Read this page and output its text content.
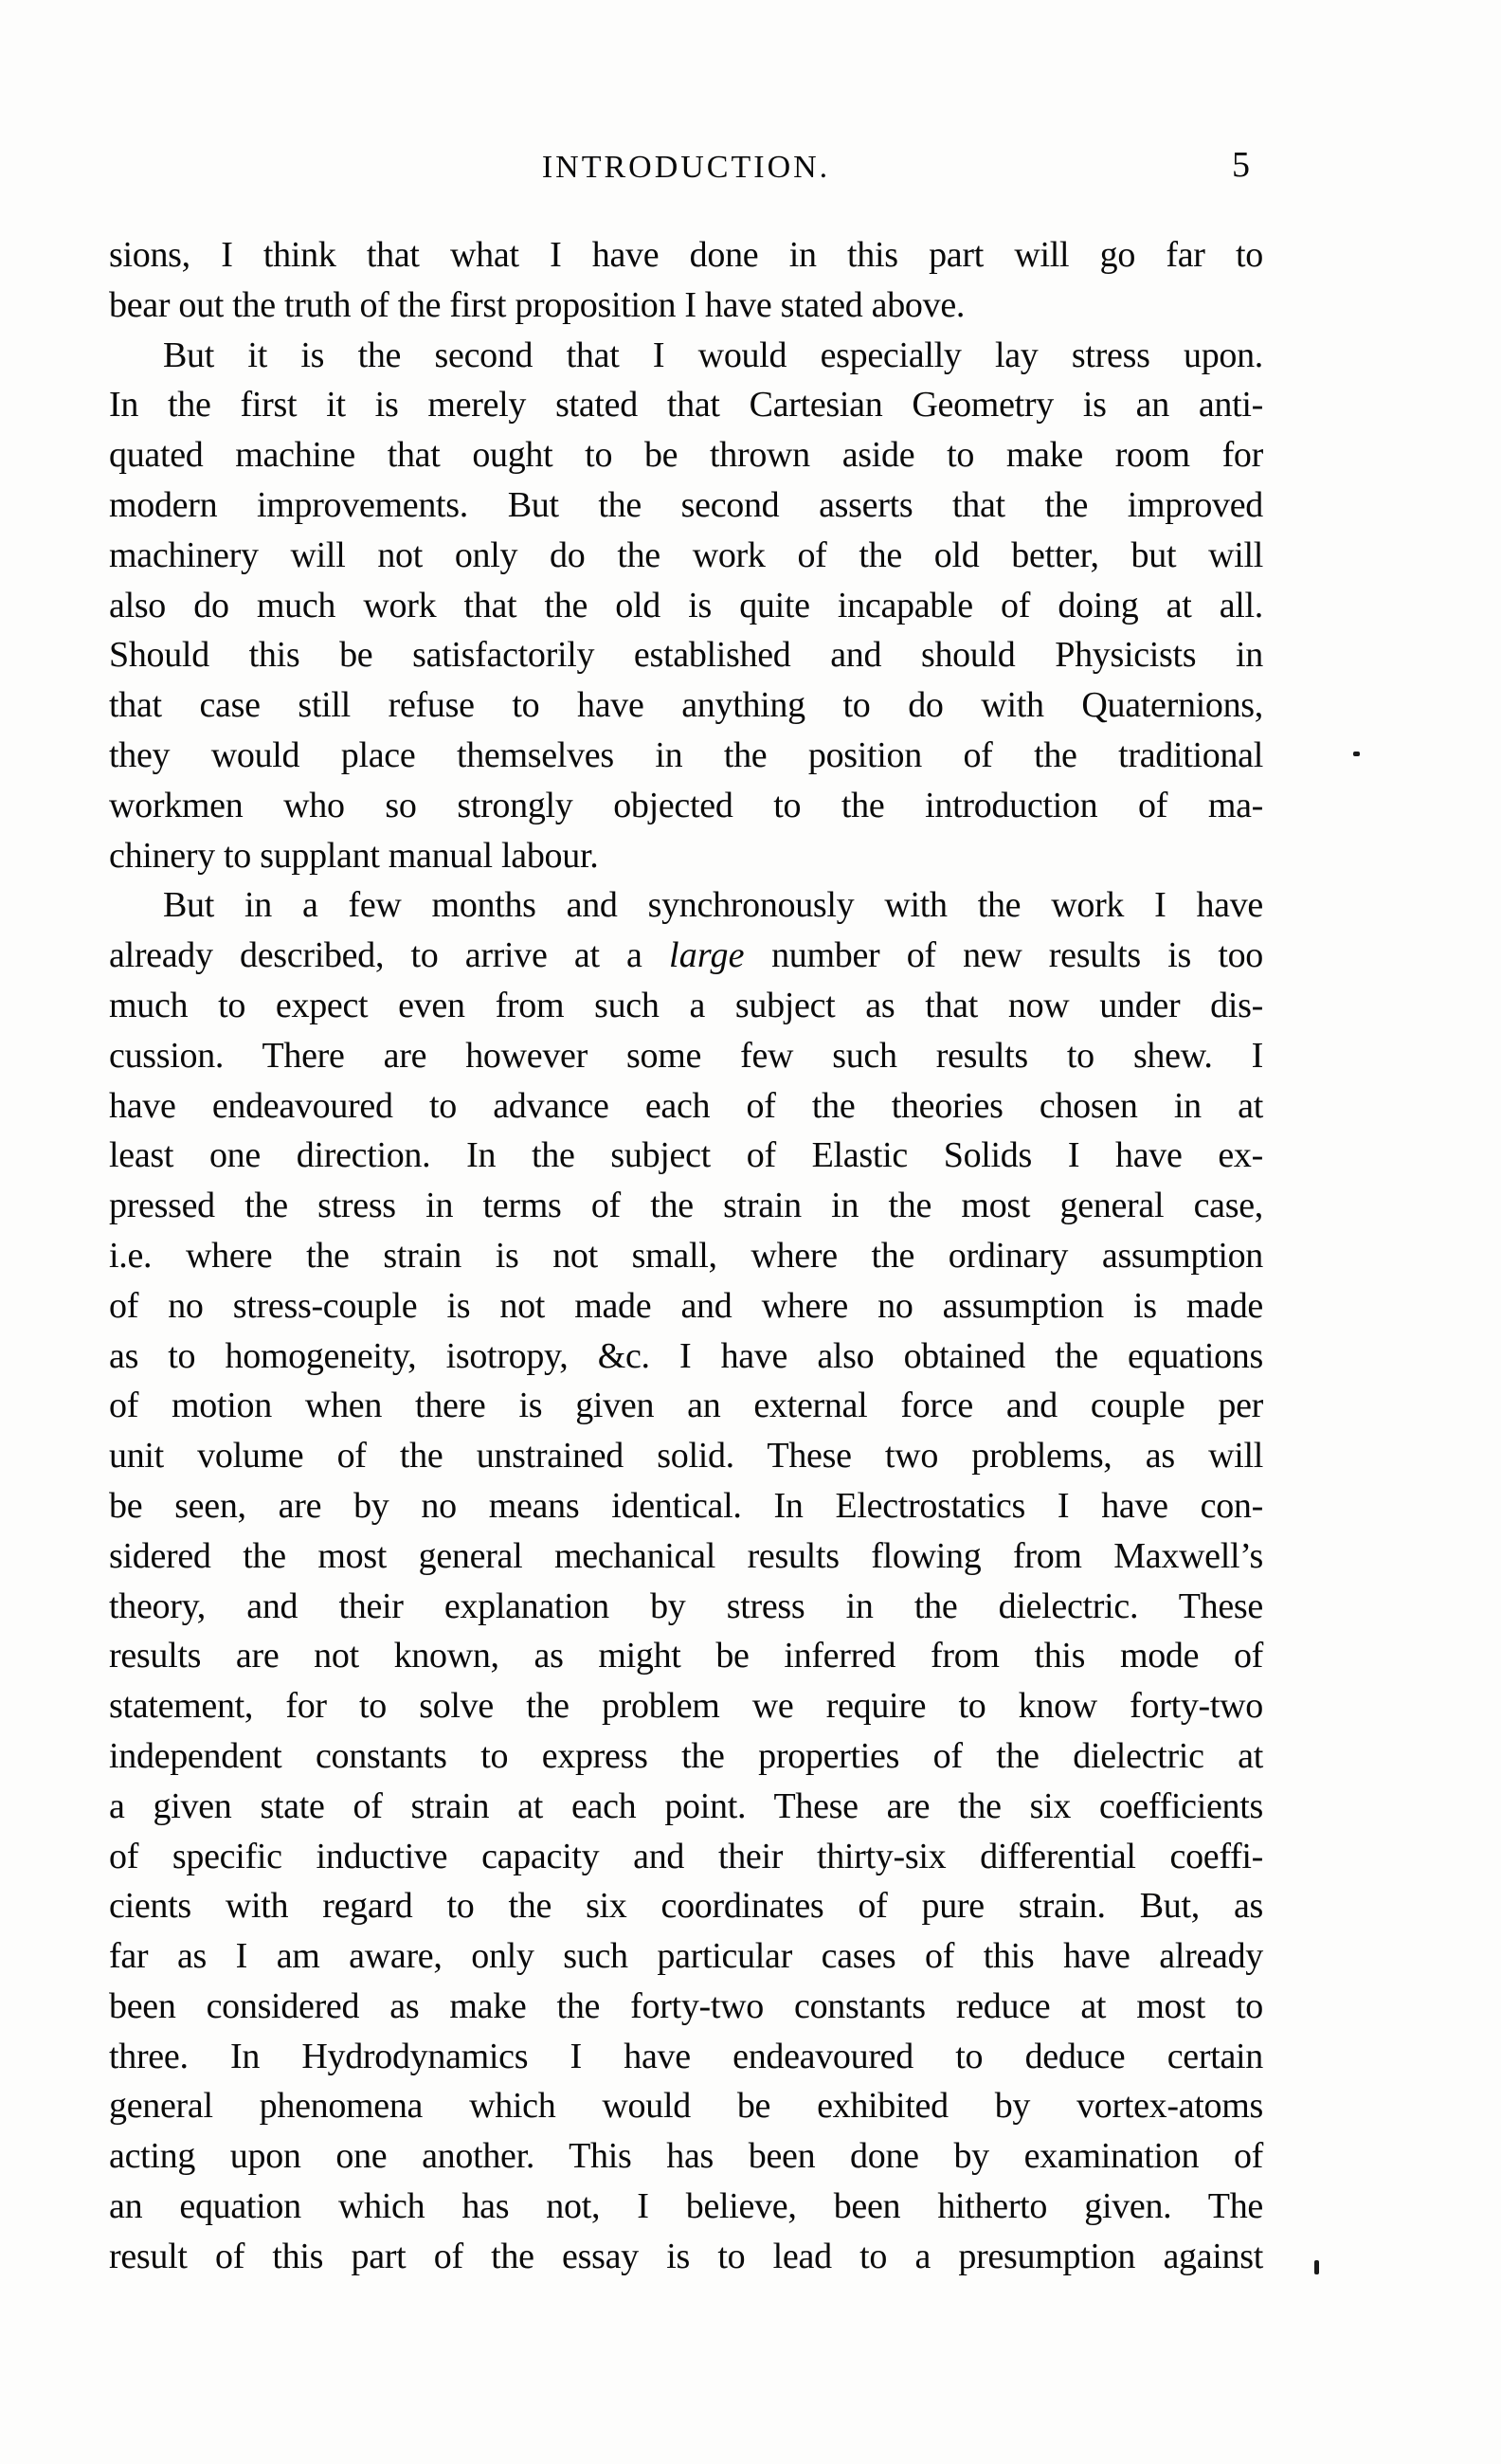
INTRODUCTION.	5
sions, I think that what I have done in this part will go far to
bear out the truth of the first proposition I have stated above.
But it is the second that I would especially lay stress upon.
In the first it is merely stated that Cartesian Geometry is an anti-
quated machine that ought to be thrown aside to make room for
modern improvements. But the second asserts that the improved
machinery will not only do the work of the old better, but will
also do much work that the old is quite incapable of doing at all.
Should this be satisfactorily established and should Physicists in
that case still refuse to have anything to do with Quaternions,
they would place themselves in the position of the traditional
workmen who so strongly objected to the introduction of ma-
chinery to supplant manual labour.
But in a few months and synchronously with the work I have
already described, to arrive at a large number of new results is too
much to expect even from such a subject as that now under dis-
cussion. There are however some few such results to shew. I
have endeavoured to advance each of the theories chosen in at
least one direction. In the subject of Elastic Solids I have ex-
pressed the stress in terms of the strain in the most general case,
i.e. where the strain is not small, where the ordinary assumption
of no stress-couple is not made and where no assumption is made
as to homogeneity, isotropy, &c. I have also obtained the equations
of motion when there is given an external force and couple per
unit volume of the unstrained solid. These two problems, as will
be seen, are by no means identical. In Electrostatics I have con-
sidered the most general mechanical results flowing from Maxwell’s
theory, and their explanation by stress in the dielectric. These
results are not known, as might be inferred from this mode of
statement, for to solve the problem we require to know forty-two
independent constants to express the properties of the dielectric at
a given state of strain at each point. These are the six coefficients
of specific inductive capacity and their thirty-six differential coeffi-
cients with regard to the six coordinates of pure strain. But, as
far as I am aware, only such particular cases of this have already
been considered as make the forty-two constants reduce at most to
three. In Hydrodynamics I have endeavoured to deduce certain
general phenomena which would be exhibited by vortex-atoms
acting upon one another. This has been done by examination of
an equation which has not, I believe, been hitherto given. The
result of this part of the essay is to lead to a presumption against
